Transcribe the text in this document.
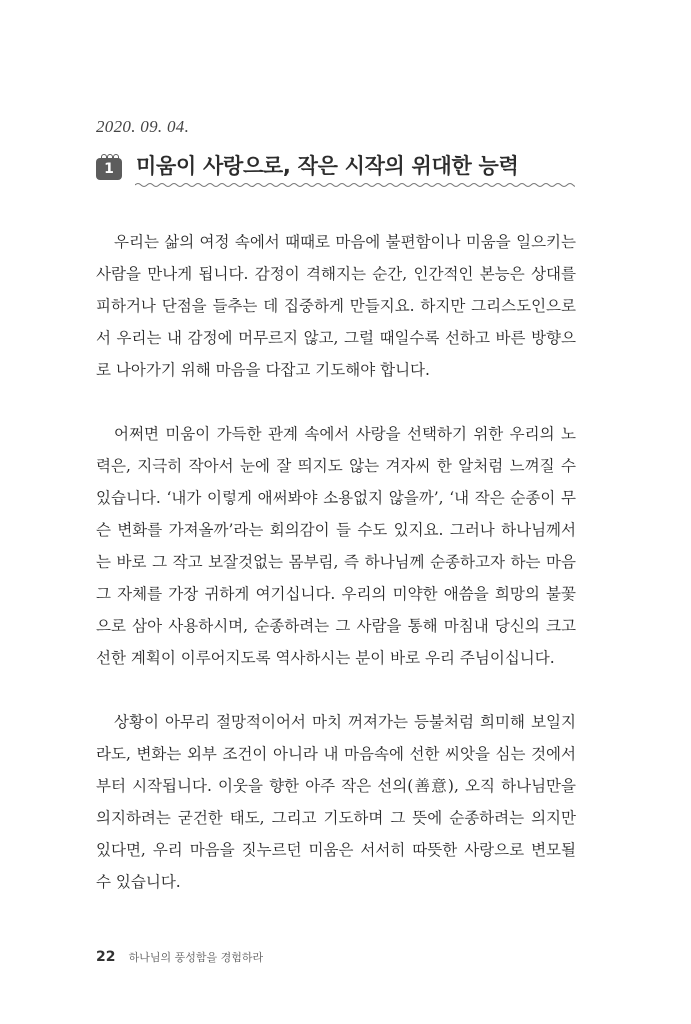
2020. 09. 04.
1	미움이 사랑으로, 작은 시작의 위대한 능력

우리는 삶의 여정 속에서 때때로 마음에 불편함이나 미움을 일으키는 사람을 만나게 됩니다. 감정이 격해지는 순간, 인간적인 본능은 상대를 피하거나 단점을 들추는 데 집중하게 만들지요. 하지만 그리스도인으로서 우리는 내 감정에 머무르지 않고, 그럴 때일수록 선하고 바른 방향으로 나아가기 위해 마음을 다잡고 기도해야 합니다.

어쩌면 미움이 가득한 관계 속에서 사랑을 선택하기 위한 우리의 노력은, 지극히 작아서 눈에 잘 띄지도 않는 겨자씨 한 알처럼 느껴질 수 있습니다. ‘내가 이렇게 애써봐야 소용없지 않을까’, ‘내 작은 순종이 무슨 변화를 가져올까’라는 회의감이 들 수도 있지요. 그러나 하나님께서는 바로 그 작고 보잘것없는 몸부림, 즉 하나님께 순종하고자 하는 마음 그 자체를 가장 귀하게 여기십니다. 우리의 미약한 애씀을 희망의 불꽃으로 삼아 사용하시며, 순종하려는 그 사람을 통해 마침내 당신의 크고 선한 계획이 이루어지도록 역사하시는 분이 바로 우리 주님이십니다.

상황이 아무리 절망적이어서 마치 꺼져가는 등불처럼 희미해 보일지라도, 변화는 외부 조건이 아니라 내 마음속에 선한 씨앗을 심는 것에서부터 시작됩니다. 이웃을 향한 아주 작은 선의(善意), 오직 하나님만을 의지하려는 굳건한 태도, 그리고 기도하며 그 뜻에 순종하려는 의지만 있다면, 우리 마음을 짓누르던 미움은 서서히 따뜻한 사랑으로 변모될 수 있습니다.

22 하나님의 풍성함을 경험하라
